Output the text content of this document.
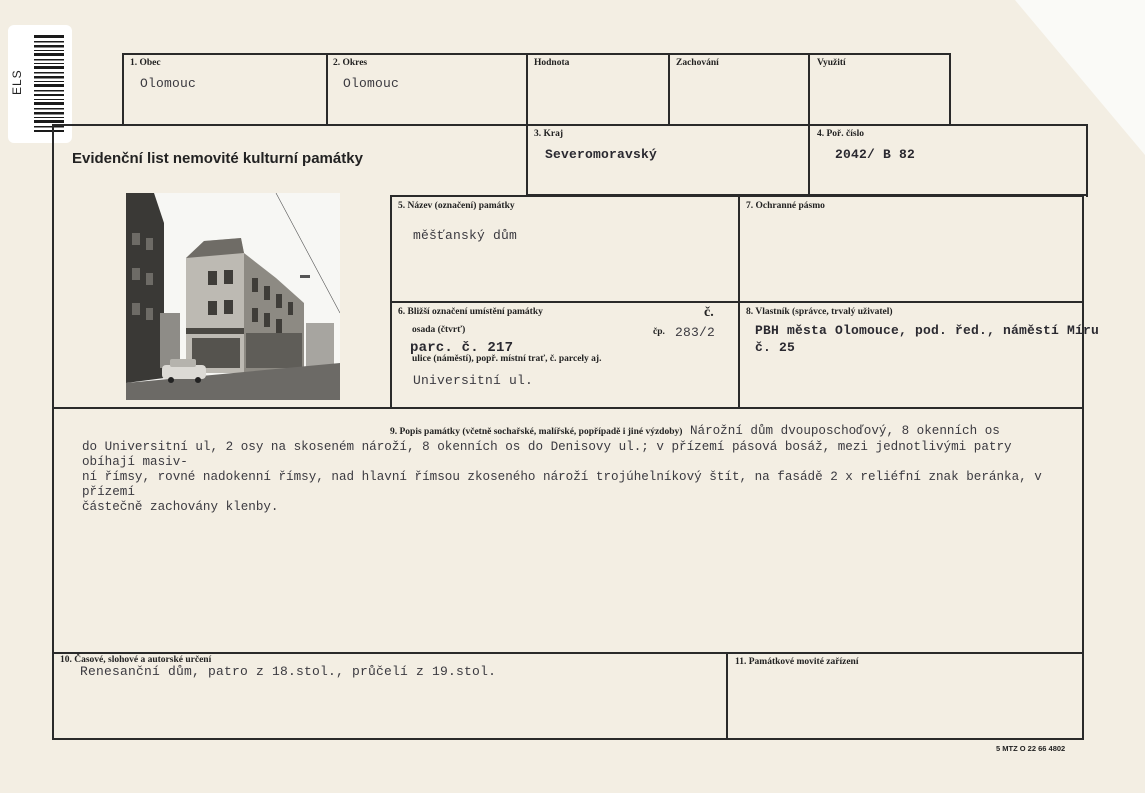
ELS
1. Obec
Olomouc
2. Okres
Olomouc
Hodnota	Zachování	Využití
Evidenční list nemovité kulturní památky
3. Kraj
Severomoravský
4. Poř. číslo
2042/ B 82
5. Název (označení) památky
měšťanský dům
7. Ochranné pásmo
6. Bližší označení umístění památky	č.
osada (čtvrť)	čp. 283/2
parc. č. 217
ulice (náměstí), popř. místní trať, č. parcely aj.
Universitní ul.
8. Vlastník (správce, trvalý uživatel)
PBH města Olomouce, pod. řed., náměstí Míru
č. 25
9. Popis památky (včetně sochařské, malířské, popřípadě i jiné výzdoby) Nárožní dům dvouposchoďový, 8 okenních os
do Universitní ul, 2 osy na skoseném nároží, 8 okenních os do Denisovy ul.; v přízemí pásová bosáž, mezi jednotlivými patry obíhají masiv-
ní římsy, rovné nadokenní římsy, nad hlavní římsou zkoseného nároží trojúhelníkový štít, na fasádě 2 x reliéfní znak beránka, v přízemí
částečně zachovány klenby.
10. Časové, slohové a autorské určení
Renesanční dům, patro z 18.stol., průčelí z 19.stol.
11. Památkové movité zařízení
5 MTZ O 22 66 4802
